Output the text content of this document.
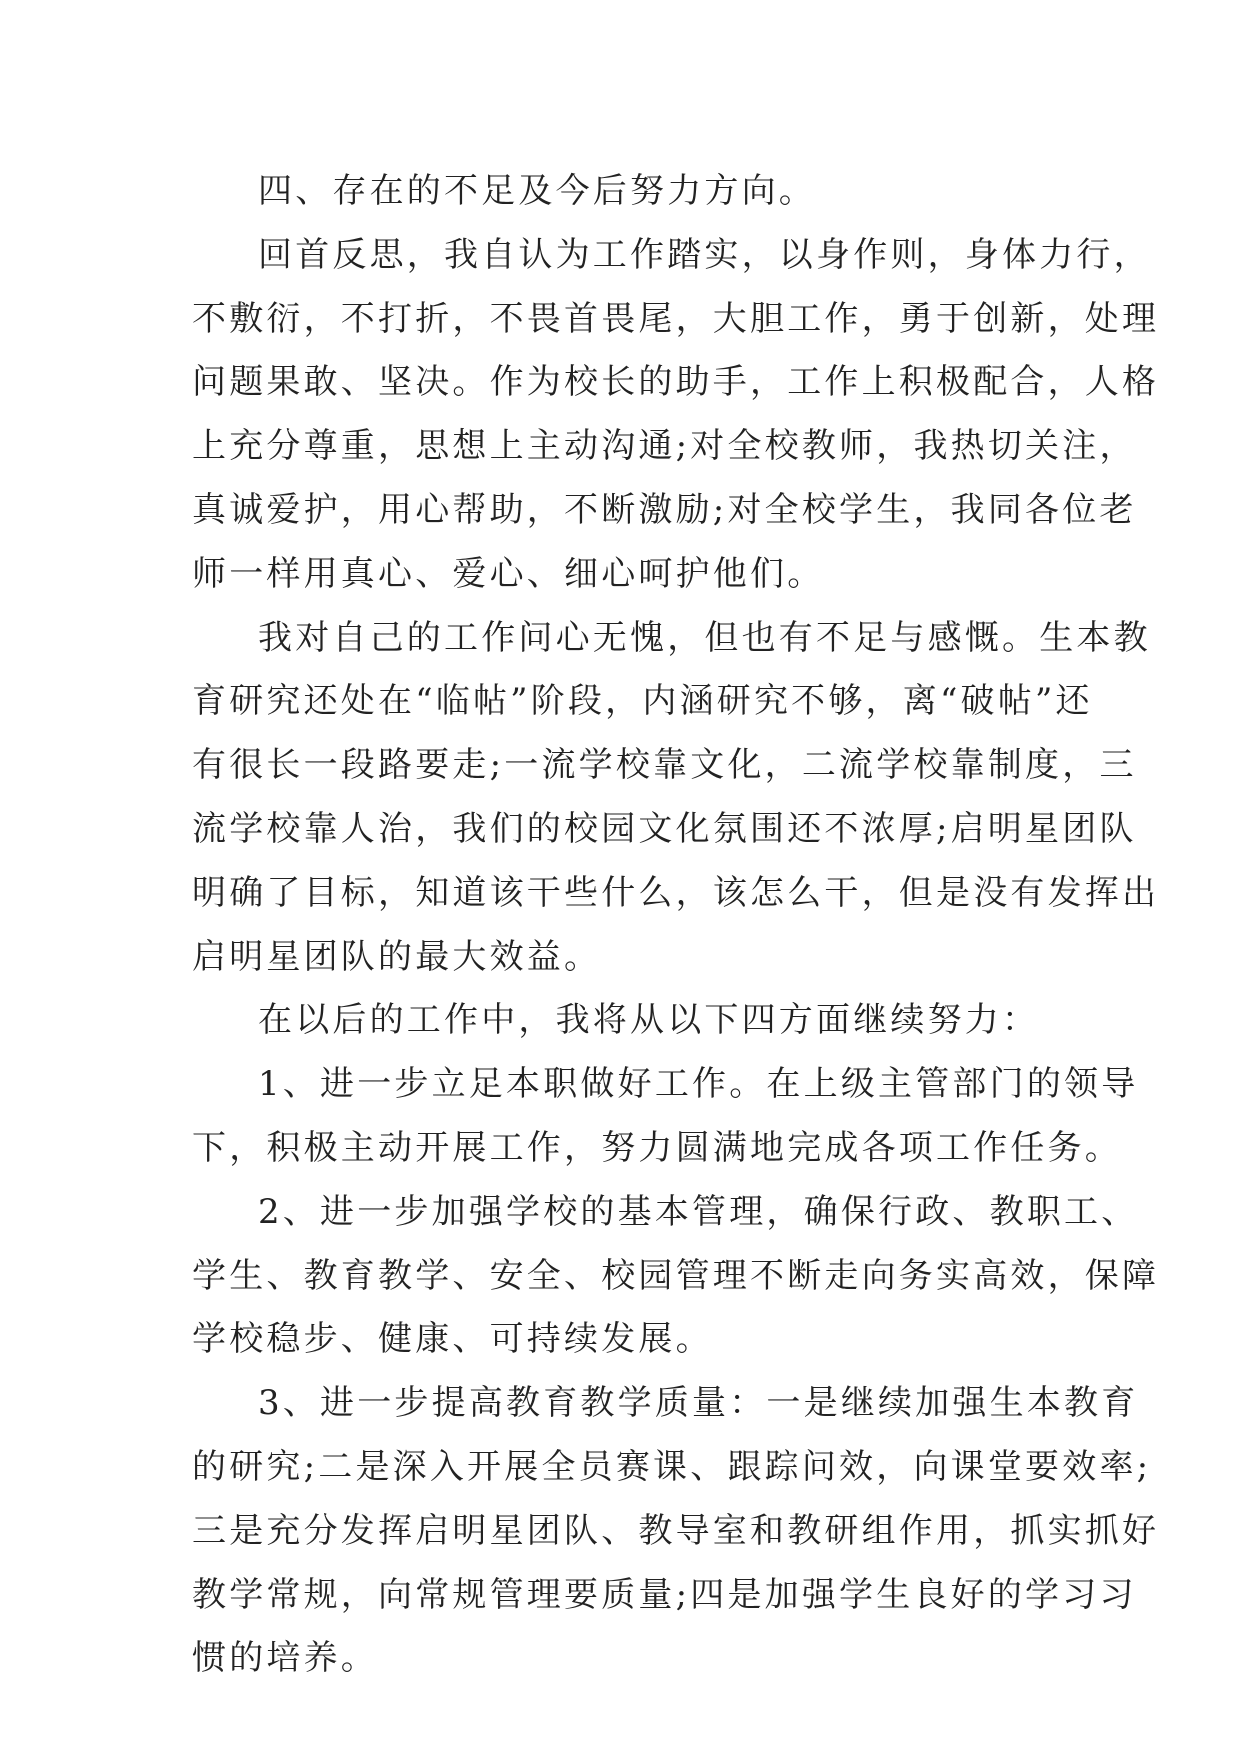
四、存在的不足及今后努力方向。
回首反思，我自认为工作踏实，以身作则，身体力行，
不敷衍，不打折，不畏首畏尾，大胆工作，勇于创新，处理
问题果敢、坚决。作为校长的助手，工作上积极配合，人格
上充分尊重，思想上主动沟通;对全校教师，我热切关注，
真诚爱护，用心帮助，不断激励;对全校学生，我同各位老
师一样用真心、爱心、细心呵护他们。
我对自己的工作问心无愧，但也有不足与感慨。生本教
育研究还处在“临帖”阶段，内涵研究不够，离“破帖”还
有很长一段路要走;一流学校靠文化，二流学校靠制度，三
流学校靠人治，我们的校园文化氛围还不浓厚;启明星团队
明确了目标，知道该干些什么，该怎么干，但是没有发挥出
启明星团队的最大效益。
在以后的工作中，我将从以下四方面继续努力：
1、进一步立足本职做好工作。在上级主管部门的领导
下，积极主动开展工作，努力圆满地完成各项工作任务。
2、进一步加强学校的基本管理，确保行政、教职工、
学生、教育教学、安全、校园管理不断走向务实高效，保障
学校稳步、健康、可持续发展。
3、进一步提高教育教学质量：一是继续加强生本教育
的研究;二是深入开展全员赛课、跟踪问效，向课堂要效率;
三是充分发挥启明星团队、教导室和教研组作用，抓实抓好
教学常规，向常规管理要质量;四是加强学生良好的学习习
惯的培养。
